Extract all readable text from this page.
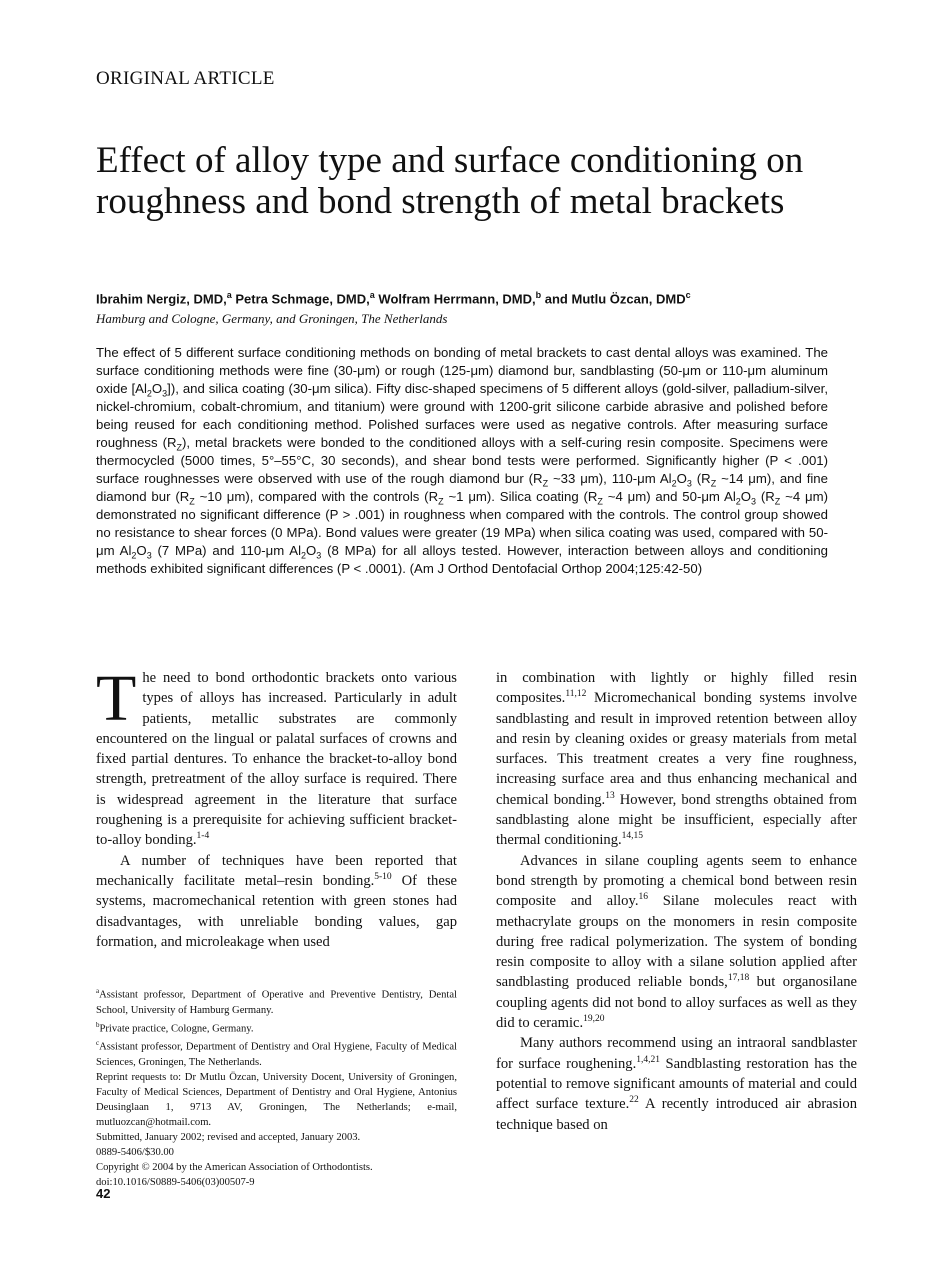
ORIGINAL ARTICLE
Effect of alloy type and surface conditioning on roughness and bond strength of metal brackets
Ibrahim Nergiz, DMD,$^a$ Petra Schmage, DMD,$^a$ Wolfram Herrmann, DMD,$^b$ and Mutlu Özcan, DMD$^c$
Hamburg and Cologne, Germany, and Groningen, The Netherlands

The effect of 5 different surface conditioning methods on bonding of metal brackets to cast dental alloys was examined. The surface conditioning methods were fine (30-μm) or rough (125-μm) diamond bur, sandblasting (50-μm or 110-μm aluminum oxide $[Al_2O_3]$), and silica coating (30-μm silica). Fifty disc-shaped specimens of 5 different alloys (gold-silver, palladium-silver, nickel-chromium, cobalt-chromium, and titanium) were ground with 1200-grit silicone carbide abrasive and polished before being reused for each conditioning method. Polished surfaces were used as negative controls. After measuring surface roughness $(R_Z)$, metal brackets were bonded to the conditioned alloys with a self-curing resin composite. Specimens were thermocycled (5000 times, 5°–55°C, 30 seconds), and shear bond tests were performed. Significantly higher (P < .001) surface roughnesses were observed with use of the rough diamond bur ($R_Z$ ~33 μm), 110-μm $Al_2O_3$ ($R_Z$ ~14 μm), and fine diamond bur ($R_Z$ ~10 μm), compared with the controls ($R_Z$ ~1 μm). Silica coating ($R_Z$ ~4 μm) and 50-μm $Al_2O_3$ ($R_Z$ ~4 μm) demonstrated no significant difference (P > .001) in roughness when compared with the controls. The control group showed no resistance to shear forces (0 MPa). Bond values were greater (19 MPa) when silica coating was used, compared with 50-μm $Al_2O_3$ (7 MPa) and 110-μm $Al_2O_3$ (8 MPa) for all alloys tested. However, interaction between alloys and conditioning methods exhibited significant differences (P < .0001). (Am J Orthod Dentofacial Orthop 2004;125:42-50)

The need to bond orthodontic brackets onto various types of alloys has increased. Particularly in adult patients, metallic substrates are commonly encountered on the lingual or palatal surfaces of crowns and fixed partial dentures. To enhance the bracket-to-alloy bond strength, pretreatment of the alloy surface is required. There is widespread agreement in the literature that surface roughening is a prerequisite for achieving sufficient bracket-to-alloy bonding.$^{1-4}$

A number of techniques have been reported that mechanically facilitate metal–resin bonding.$^{5-10}$ Of these systems, macromechanical retention with green stones had disadvantages, with unreliable bonding values, gap formation, and microleakage when used

in combination with lightly or highly filled resin composites.$^{11,12}$ Micromechanical bonding systems involve sandblasting and result in improved retention between alloy and resin by cleaning oxides or greasy materials from metal surfaces. This treatment creates a very fine roughness, increasing surface area and thus enhancing mechanical and chemical bonding.$^{13}$ However, bond strengths obtained from sandblasting alone might be insufficient, especially after thermal conditioning.$^{14,15}$

Advances in silane coupling agents seem to enhance bond strength by promoting a chemical bond between resin composite and alloy.$^{16}$ Silane molecules react with methacrylate groups on the monomers in resin composite during free radical polymerization. The system of bonding resin composite to alloy with a silane solution applied after sandblasting produced reliable bonds,$^{17,18}$ but organosilane coupling agents did not bond to alloy surfaces as well as they did to ceramic.$^{19,20}$

Many authors recommend using an intraoral sandblaster for surface roughening.$^{1,4,21}$ Sandblasting restoration has the potential to remove significant amounts of material and could affect surface texture.$^{22}$ A recently introduced air abrasion technique based on

$^a$Assistant professor, Department of Operative and Preventive Dentistry, Dental School, University of Hamburg Germany.
$^b$Private practice, Cologne, Germany.
$^c$Assistant professor, Department of Dentistry and Oral Hygiene, Faculty of Medical Sciences, Groningen, The Netherlands.
Reprint requests to: Dr Mutlu Özcan, University Docent, University of Groningen, Faculty of Medical Sciences, Department of Dentistry and Oral Hygiene, Antonius Deusinglaan 1, 9713 AV, Groningen, The Netherlands; e-mail, mutluozcan@hotmail.com.
Submitted, January 2002; revised and accepted, January 2003.
0889-5406/$30.00
Copyright © 2004 by the American Association of Orthodontists.
doi:10.1016/S0889-5406(03)00507-9
42
